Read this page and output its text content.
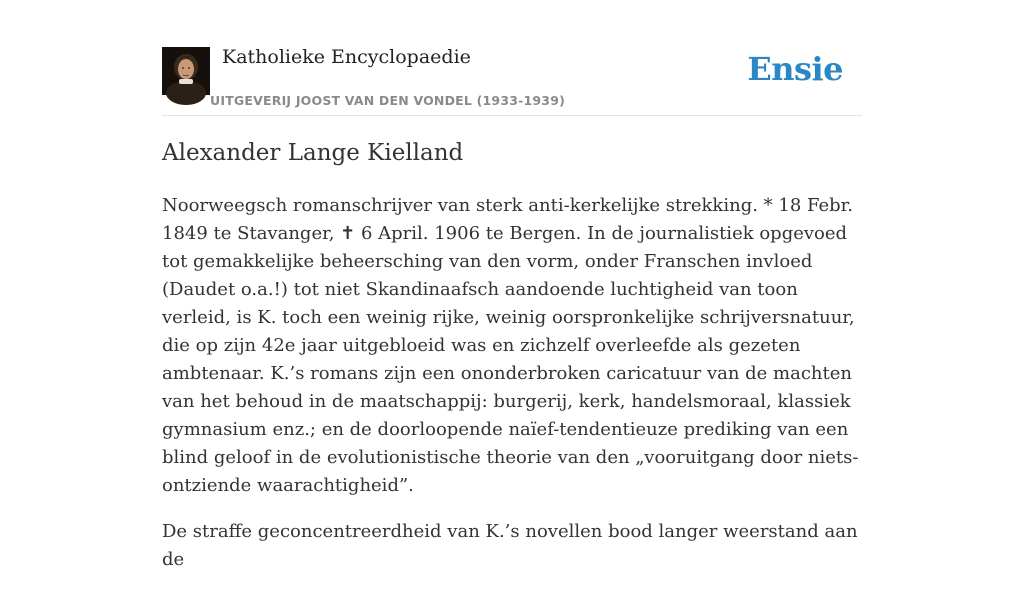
Katholieke Encyclopaedie
UITGEVERIJ JOOST VAN DEN VONDEL (1933-1939)
Ensie
Alexander Lange Kielland

Noorweegsch romanschrijver van sterk anti-kerkelijke strekking. * 18 Febr. 1849 te Stavanger, ✝ 6 April. 1906 te Bergen. In de journalistiek opgevoed tot gemakkelijke beheersching van den vorm, onder Franschen invloed (Daudet o.a.!) tot niet Skandinaafsch aandoende luchtigheid van toon verleid, is K. toch een weinig rijke, weinig oorspronkelijke schrijversnatuur, die op zijn 42e jaar uitgebloeid was en zichzelf overleefde als gezeten ambtenaar. K.’s romans zijn een ononderbroken caricatuur van de machten van het behoud in de maatschappij: burgerij, kerk, handelsmoraal, klassiek gymnasium enz.; en de doorloopende naïef-tendentieuze prediking van een blind geloof in de evolutionistische theorie van den „vooruitgang door niets-ontziende waarachtigheid”.

De straffe geconcentreerdheid van K.’s novellen bood langer weerstand aan de
